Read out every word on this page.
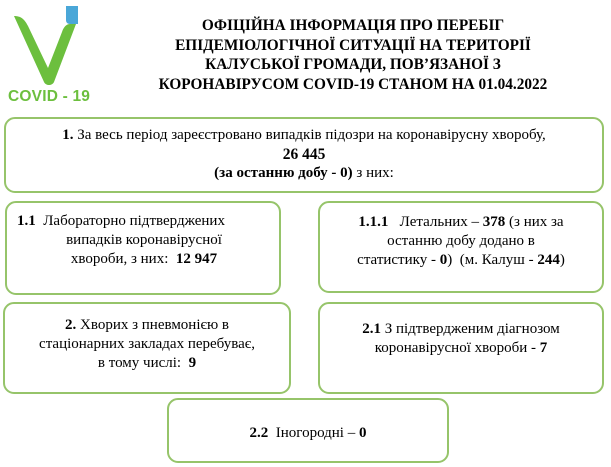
COVID - 19
ОФІЦІЙНА ІНФОРМАЦІЯ ПРО ПЕРЕБІГ
ЕПІДЕМІОЛОГІЧНОЇ СИТУАЦІЇ НА ТЕРИТОРІЇ
КАЛУСЬКОЇ ГРОМАДИ, ПОВ’ЯЗАНОЇ З
КОРОНАВІРУСОМ COVID-19 СТАНОМ НА 01.04.2022
1. За весь період зареєстровано випадків підозри на коронавірусну хворобу,
26 445
(за останню добу - 0) з них:
1.1 Лабораторно підтверджених
випадків коронавірусної
хвороби, з них: 12 947
1.1.1 Летальних – 378 (з них за
останню добу додано в
статистику - 0) (м. Калуш - 244)
2. Хворих з пневмонією в
стаціонарних закладах перебуває,
в тому числі: 9
2.1 З підтвердженим діагнозом
коронавірусної хвороби - 7
2.2 Іногородні – 0
